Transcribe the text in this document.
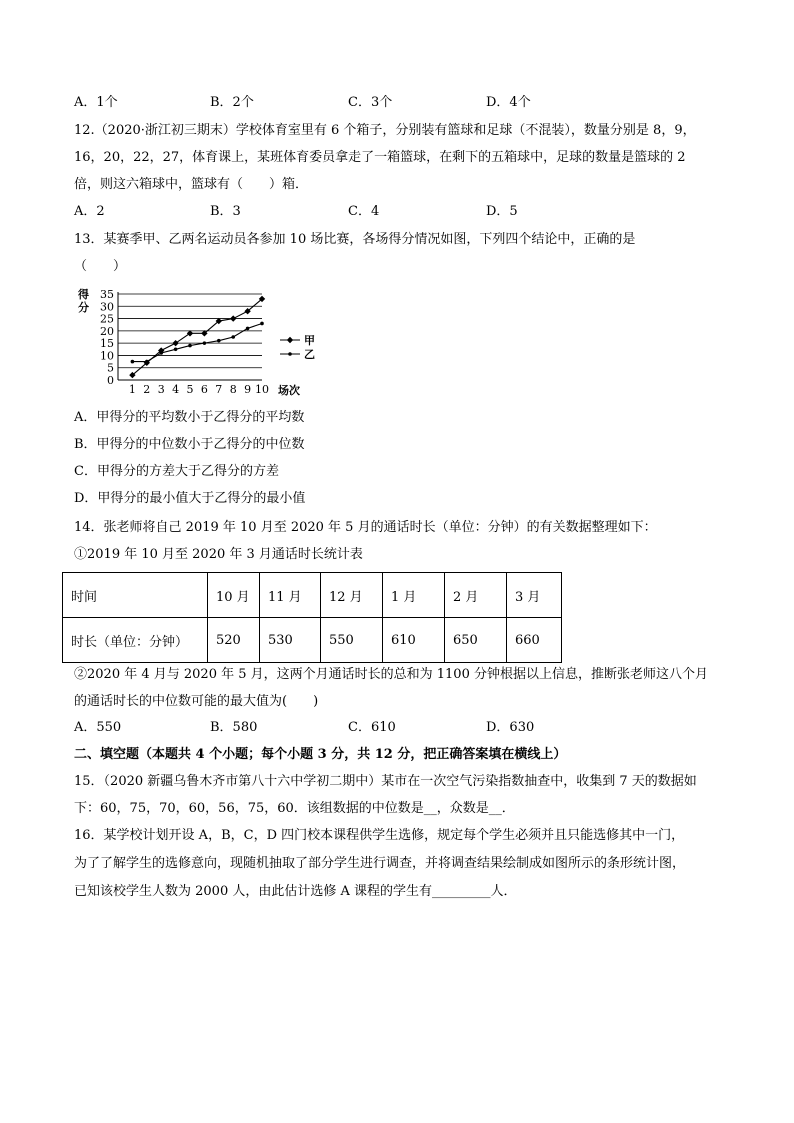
A．1个	B．2个	C．3个	D．4个
12.（2020·浙江初三期末）学校体育室里有 6 个箱子，分别装有篮球和足球（不混装），数量分别是 8，9，
16，20，22，27，体育课上，某班体育委员拿走了一箱篮球，在剩下的五箱球中，足球的数量是篮球的 2
倍，则这六箱球中，篮球有（　　）箱．
A．2	B．3	C．4	D．5
13．某赛季甲、乙两名运动员各参加 10 场比赛，各场得分情况如图，下列四个结论中，正确的是
（　　）
0
5
10
15
20
25
30
35
1 2 3 4 5 6 7 8 9 10
得
分
场次
甲
乙
A．甲得分的平均数小于乙得分的平均数
B．甲得分的中位数小于乙得分的中位数
C．甲得分的方差大于乙得分的方差
D．甲得分的最小值大于乙得分的最小值
14．张老师将自己 2019 年 10 月至 2020 年 5 月的通话时长（单位：分钟）的有关数据整理如下：
①2019 年 10 月至 2020 年 3 月通话时长统计表
时间	10 月	11 月	12 月	1 月	2 月	3 月
时长（单位：分钟）	520	530	550	610	650	660
②2020 年 4 月与 2020 年 5 月，这两个月通话时长的总和为 1100 分钟根据以上信息，推断张老师这八个月
的通话时长的中位数可能的最大值为(　　)
A．550	B．580	C．610	D．630
二、填空题（本题共 4 个小题；每个小题 3 分，共 12 分，把正确答案填在横线上）
15．（2020 新疆乌鲁木齐市第八十六中学初二期中）某市在一次空气污染指数抽查中，收集到 7 天的数据如
下：60，75，70，60，56，75，60．该组数据的中位数是__，众数是__．
16．某学校计划开设 A，B，C，D 四门校本课程供学生选修，规定每个学生必须并且只能选修其中一门，
为了了解学生的选修意向，现随机抽取了部分学生进行调查，并将调查结果绘制成如图所示的条形统计图，
已知该校学生人数为 2000 人，由此估计选修 A 课程的学生有_________人．
